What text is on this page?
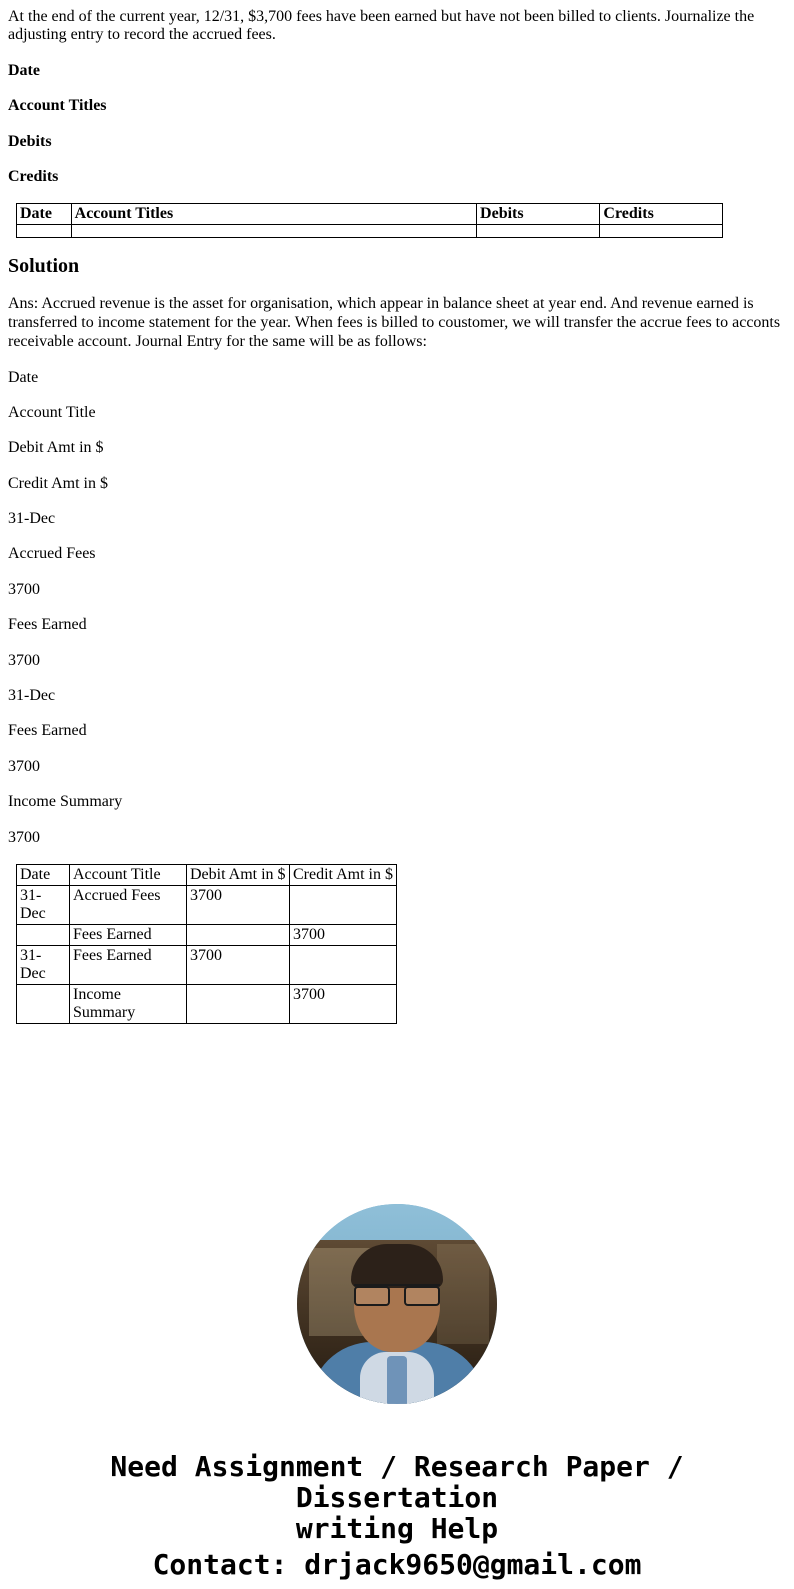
At the end of the current year, 12/31, $3,700 fees have been earned but have not been billed to clients. Journalize the adjusting entry to record the accrued fees.
Date
Account Titles
Debits
Credits
Date	Account Titles	Debits	Credits

Solution
Ans: Accrued revenue is the asset for organisation, which appear in balance sheet at year end. And revenue earned is transferred to income statement for the year. When fees is billed to coustomer, we will transfer the accrue fees to acconts receivable account. Journal Entry for the same will be as follows:
Date
Account Title
Debit Amt in $
Credit Amt in $
31-Dec
Accrued Fees
3700
Fees Earned
3700
31-Dec
Fees Earned
3700
Income Summary
3700
Date	Account Title	Debit Amt in $	Credit Amt in $
31-Dec	Accrued Fees	3700	
	Fees Earned		3700
31-Dec	Fees Earned	3700	
	Income Summary		3700
Need Assignment / Research Paper / Dissertation
writing Help
Contact: drjack9650@gmail.com
